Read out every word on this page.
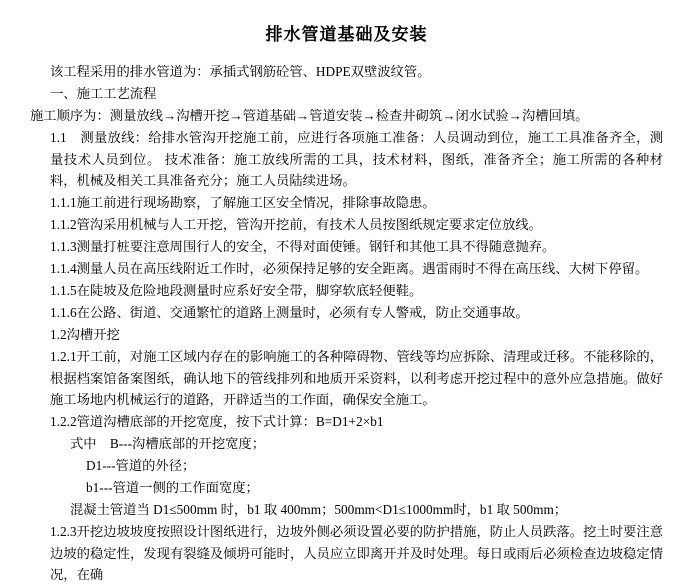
排水管道基础及安装

该工程采用的排水管道为：承插式钢筋砼管、HDPE双壁波纹管。

一、施工工艺流程

施工顺序为：测量放线→沟槽开挖→管道基础→管道安装→检查井砌筑→闭水试验→沟槽回填。

1.1　测量放线：给排水管沟开挖施工前，应进行各项施工准备：人员调动到位，施工工具准备齐全，测量技术人员到位。 技术准备：施工放线所需的工具，技术材料，图纸，准备齐全；施工所需的各种材料，机械及相关工具准备充分；施工人员陆续进场。

1.1.1施工前进行现场勘察，了解施工区安全情况，排除事故隐患。

1.1.2管沟采用机械与人工开挖，管沟开挖前，有技术人员按图纸规定要求定位放线。

1.1.3测量打桩要注意周围行人的安全，不得对面使锤。钢钎和其他工具不得随意抛弃。

1.1.4测量人员在高压线附近工作时，必须保持足够的安全距离。遇雷雨时不得在高压线、大树下停留。

1.1.5在陡坡及危险地段测量时应系好安全带，脚穿软底轻便鞋。

1.1.6在公路、街道、交通繁忙的道路上测量时，必须有专人警戒，防止交通事故。

1.2沟槽开挖

1.2.1开工前，对施工区域内存在的影响施工的各种障碍物、管线等均应拆除、清理或迁移。不能移除的，根据档案馆备案图纸，确认地下的管线排列和地质开采资料，以利考虑开挖过程中的意外应急措施。做好施工场地内机械运行的道路，开辟适当的工作面，确保安全施工。

1.2.2管道沟槽底部的开挖宽度，按下式计算：B=D1+2×b1

式中　B---沟槽底部的开挖宽度；

D1---管道的外径；

b1---管道一侧的工作面宽度；

混凝土管道当 D1≤500mm 时，b1 取 400mm；500mm<D1≤1000mm时，b1 取 500mm；

1.2.3开挖边坡坡度按照设计图纸进行，边坡外侧必须设置必要的防护措施，防止人员跌落。挖土时要注意边坡的稳定性，发现有裂缝及倾坍可能时，人员应立即离开并及时处理。每日或雨后必须检查边坡稳定情况，在确
